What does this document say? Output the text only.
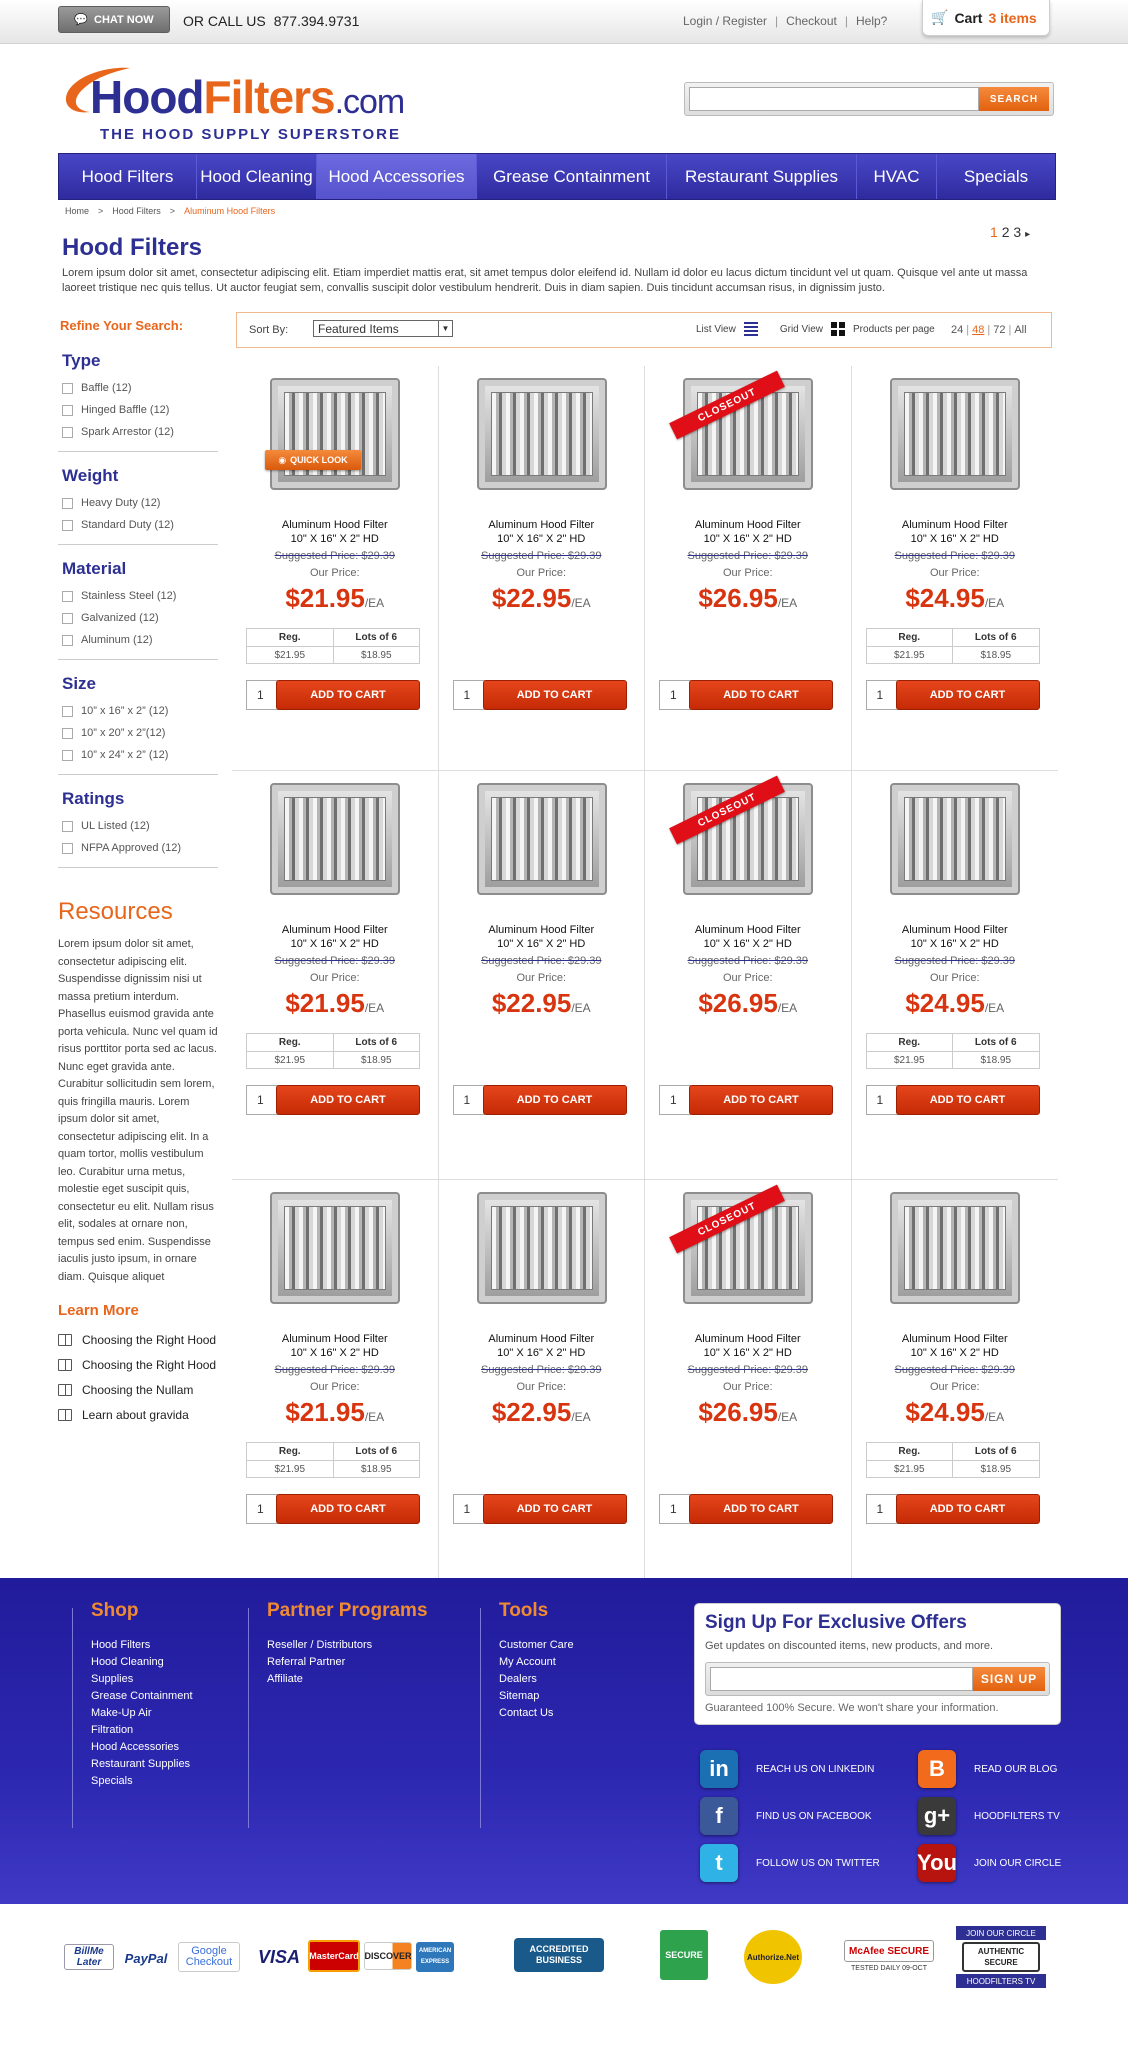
💬 CHAT NOW OR CALL US 877.394.9731	Login / Register | Checkout | Help?	🛒 Cart 3 items
HoodFilters.com
THE HOOD SUPPLY SUPERSTORE
SEARCH
Hood Filters	Hood Cleaning Hood Accessories	Grease Containment	Restaurant Supplies	HVAC	Specials
Home > Hood Filters > Aluminum Hood Filters
1 2 3 ▸
Hood Filters
Lorem ipsum dolor sit amet, consectetur adipiscing elit. Etiam imperdiet mattis erat, sit amet tempus dolor eleifend id. Nullam id dolor eu lacus dictum tincidunt vel ut quam. Quisque vel ante ut massa laoreet tristique nec quis tellus. Ut auctor feugiat sem, convallis suscipit dolor vestibulum hendrerit. Duis in diam sapien. Duis tincidunt accumsan risus, in dignissim justo.
Refine Your Search:
Type
Baffle (12)
Hinged Baffle (12)
Spark Arrestor (12)
Weight
Heavy Duty (12)
Standard Duty (12)
Material
Stainless Steel (12)
Galvanized (12)
Aluminum (12)
Size
10” x 16” x 2” (12)
10” x 20” x 2”(12)
10” x 24” x 2” (12)
Ratings
UL Listed (12)
NFPA Approved (12)
Resources
Lorem ipsum dolor sit amet, consectetur adipiscing elit. Suspendisse dignissim nisi ut massa pretium interdum. Phasellus euismod gravida ante porta vehicula. Nunc vel quam id risus porttitor porta sed ac lacus. Nunc eget gravida ante. Curabitur sollicitudin sem lorem, quis fringilla mauris. Lorem ipsum dolor sit amet, consectetur adipiscing elit. In a quam tortor, mollis vestibulum leo. Curabitur urna metus, molestie eget suscipit quis, consectetur eu elit. Nullam risus elit, sodales at ornare non, tempus sed enim. Suspendisse iaculis justo ipsum, in ornare diam. Quisque aliquet
Learn More
Choosing the Right Hood
Choosing the Right Hood
Choosing the Nullam
Learn about gravida
Sort By: Featured Items	▼	List View	Grid View	Products per page 24 | 48 | 72 | All
◉ QUICK LOOK
Aluminum Hood Filter
10" X 16" X 2" HD
Suggested Price: $29.39
Our Price:
$21.95/EA
Reg.	Lots of 6
$21.95	$18.95
1	ADD TO CART
Aluminum Hood Filter
10" X 16" X 2" HD
Suggested Price: $29.39
Our Price:
$22.95/EA
1	ADD TO CART
CLOSEOUT
Aluminum Hood Filter
10" X 16" X 2" HD
Suggested Price: $29.39
Our Price:
$26.95/EA
1	ADD TO CART
Aluminum Hood Filter
10" X 16" X 2" HD
Suggested Price: $29.39
Our Price:
$24.95/EA
Reg.	Lots of 6
$21.95	$18.95
1	ADD TO CART
Aluminum Hood Filter
10" X 16" X 2" HD
Suggested Price: $29.39
Our Price:
$21.95/EA
Reg.	Lots of 6
$21.95	$18.95
1	ADD TO CART
Aluminum Hood Filter
10" X 16" X 2" HD
Suggested Price: $29.39
Our Price:
$22.95/EA
1	ADD TO CART
CLOSEOUT
Aluminum Hood Filter
10" X 16" X 2" HD
Suggested Price: $29.39
Our Price:
$26.95/EA
1	ADD TO CART
Aluminum Hood Filter
10" X 16" X 2" HD
Suggested Price: $29.39
Our Price:
$24.95/EA
Reg.	Lots of 6
$21.95	$18.95
1	ADD TO CART
Aluminum Hood Filter
10" X 16" X 2" HD
Suggested Price: $29.39
Our Price:
$21.95/EA
Reg.	Lots of 6
$21.95	$18.95
1	ADD TO CART
Aluminum Hood Filter
10" X 16" X 2" HD
Suggested Price: $29.39
Our Price:
$22.95/EA
1	ADD TO CART
CLOSEOUT
Aluminum Hood Filter
10" X 16" X 2" HD
Suggested Price: $29.39
Our Price:
$26.95/EA
1	ADD TO CART
Aluminum Hood Filter
10" X 16" X 2" HD
Suggested Price: $29.39
Our Price:
$24.95/EA
Reg.	Lots of 6
$21.95	$18.95
1	ADD TO CART
Shop
Hood Filters
Hood Cleaning
Supplies
Grease Containment
Make-Up Air
Filtration
Hood Accessories
Restaurant Supplies
Specials
Partner Programs
Reseller / Distributors
Referral Partner
Affiliate
Tools
Customer Care
My Account
Dealers
Sitemap
Contact Us
Sign Up For Exclusive Offers
Get updates on discounted items, new products, and more.
SIGN UP
Guaranteed 100% Secure. We won't share your information.
in	REACH US ON LINKEDIN	B	READ OUR BLOG
f	FIND US ON FACEBOOK g+	HOODFILTERS TV
t	FOLLOW US ON TWITTER You JOIN OUR CIRCLE
BillMe Later	PayPal	Google Checkout	VISA	MasterCard DISCOVER	AMERICAN EXPRESS
ACCREDITED BUSINESS
SECURE	Authorize.Net
McAfee SECURE
TESTED DAILY 09-OCT
JOIN OUR CIRCLE
AUTHENTIC SECURE
HOODFILTERS TV
